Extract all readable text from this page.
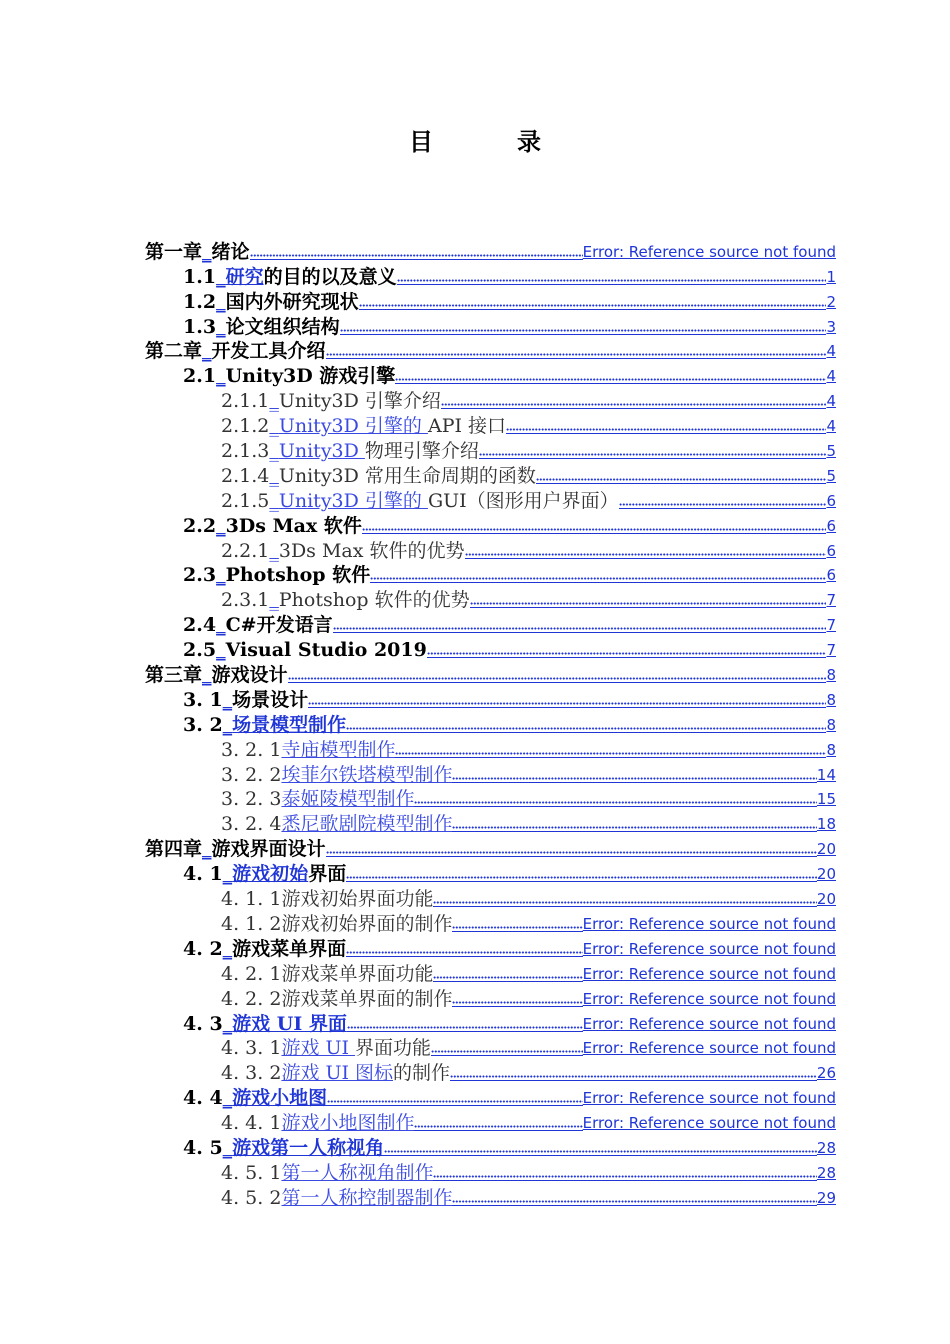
目　录
第一章_绪论	Error: Reference source not found
1.1_研究的目的以及意义	1
1.2_国内外研究现状	2
1.3_论文组织结构	3
第二章_开发工具介绍	4
2.1_Unity3D 游戏引擎	4
2.1.1_Unity3D 引擎介绍	4
2.1.2_Unity3D 引擎的 API 接口	4
2.1.3_Unity3D 物理引擎介绍	5
2.1.4_Unity3D 常用生命周期的函数	5
2.1.5_Unity3D 引擎的 GUI（图形用户界面）	6
2.2_3Ds Max 软件	6
2.2.1_3Ds Max 软件的优势	6
2.3_Photshop 软件	6
2.3.1_Photshop 软件的优势	7
2.4_C#开发语言	7
2.5_Visual Studio 2019	7
第三章_游戏设计	8
3. 1_场景设计	8
3. 2_场景模型制作	8
3. 2. 1寺庙模型制作	8
3. 2. 2埃菲尔铁塔模型制作	14
3. 2. 3泰姬陵模型制作	15
3. 2. 4悉尼歌剧院模型制作	18
第四章_游戏界面设计	20
4. 1_游戏初始界面	20
4. 1. 1游戏初始界面功能	20
4. 1. 2游戏初始界面的制作	Error: Reference source not found
4. 2_游戏菜单界面	Error: Reference source not found
4. 2. 1游戏菜单界面功能	Error: Reference source not found
4. 2. 2游戏菜单界面的制作	Error: Reference source not found
4. 3_游戏 UI 界面	Error: Reference source not found
4. 3. 1游戏 UI 界面功能	Error: Reference source not found
4. 3. 2游戏 UI 图标的制作	26
4. 4_游戏小地图	Error: Reference source not found
4. 4. 1游戏小地图制作	Error: Reference source not found
4. 5_游戏第一人称视角	28
4. 5. 1第一人称视角制作	28
4. 5. 2第一人称控制器制作	29
